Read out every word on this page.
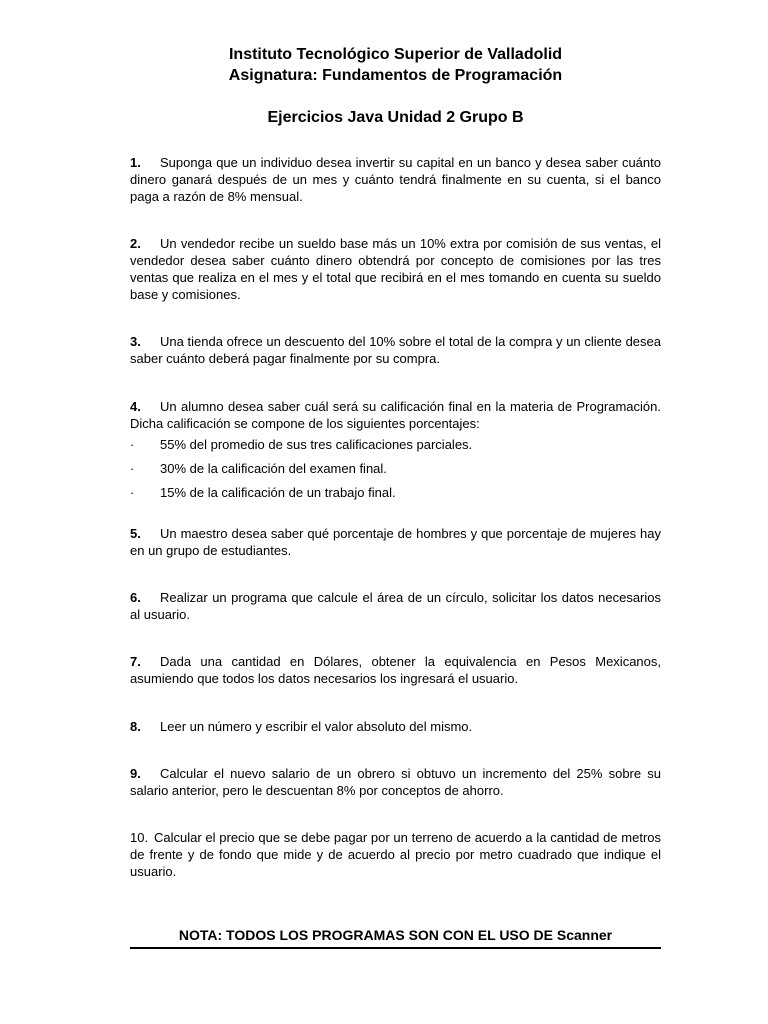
Instituto Tecnológico Superior de Valladolid
Asignatura: Fundamentos de Programación
Ejercicios Java Unidad 2 Grupo B
1. Suponga que un individuo desea invertir su capital en un banco y desea saber cuánto dinero ganará después de un mes y cuánto tendrá finalmente en su cuenta, si el banco paga a razón de 8% mensual.
2. Un vendedor recibe un sueldo base más un 10% extra por comisión de sus ventas, el vendedor desea saber cuánto dinero obtendrá por concepto de comisiones por las tres ventas que realiza en el mes y el total que recibirá en el mes tomando en cuenta su sueldo base y comisiones.
3. Una tienda ofrece un descuento del 10% sobre el total de la compra y un cliente desea saber cuánto deberá pagar finalmente por su compra.
4. Un alumno desea saber cuál será su calificación final en la materia de Programación. Dicha calificación se compone de los siguientes porcentajes:
· 55% del promedio de sus tres calificaciones parciales.
· 30% de la calificación del examen final.
· 15% de la calificación de un trabajo final.
5. Un maestro desea saber qué porcentaje de hombres y que porcentaje de mujeres hay en un grupo de estudiantes.
6. Realizar un programa que calcule el área de un círculo, solicitar los datos necesarios al usuario.
7. Dada una cantidad en Dólares, obtener la equivalencia en Pesos Mexicanos, asumiendo que todos los datos necesarios los ingresará el usuario.
8. Leer un número y escribir el valor absoluto del mismo.
9. Calcular el nuevo salario de un obrero si obtuvo un incremento del 25% sobre su salario anterior, pero le descuentan 8% por conceptos de ahorro.
10. Calcular el precio que se debe pagar por un terreno de acuerdo a la cantidad de metros de frente y de fondo que mide y de acuerdo al precio por metro cuadrado que indique el usuario.
NOTA: TODOS LOS PROGRAMAS SON CON EL USO DE Scanner
